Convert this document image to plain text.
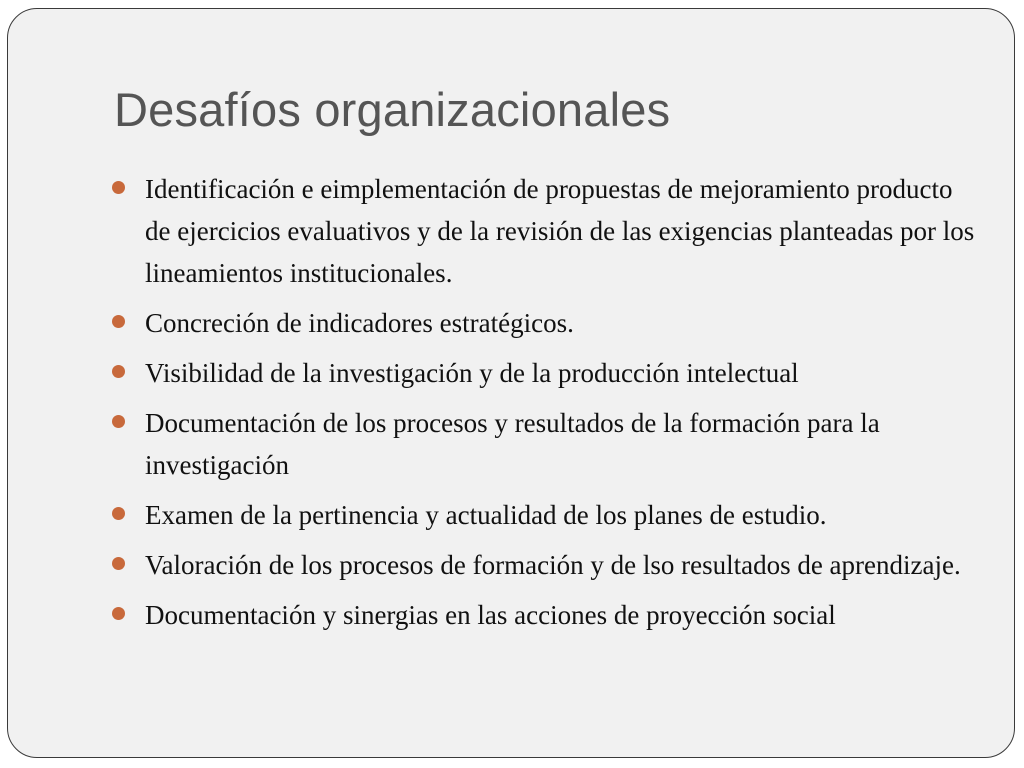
Desafíos organizacionales
Identificación e eimplementación de propuestas de mejoramiento producto de ejercicios evaluativos y de la revisión de las exigencias planteadas por los lineamientos institucionales.
Concreción de indicadores estratégicos.
Visibilidad de la investigación y de la producción intelectual
Documentación de los procesos y resultados de la formación para la investigación
Examen de la pertinencia y actualidad de los planes de estudio.
Valoración de los procesos de formación y de lso resultados de aprendizaje.
Documentación y sinergias en las acciones de proyección social
